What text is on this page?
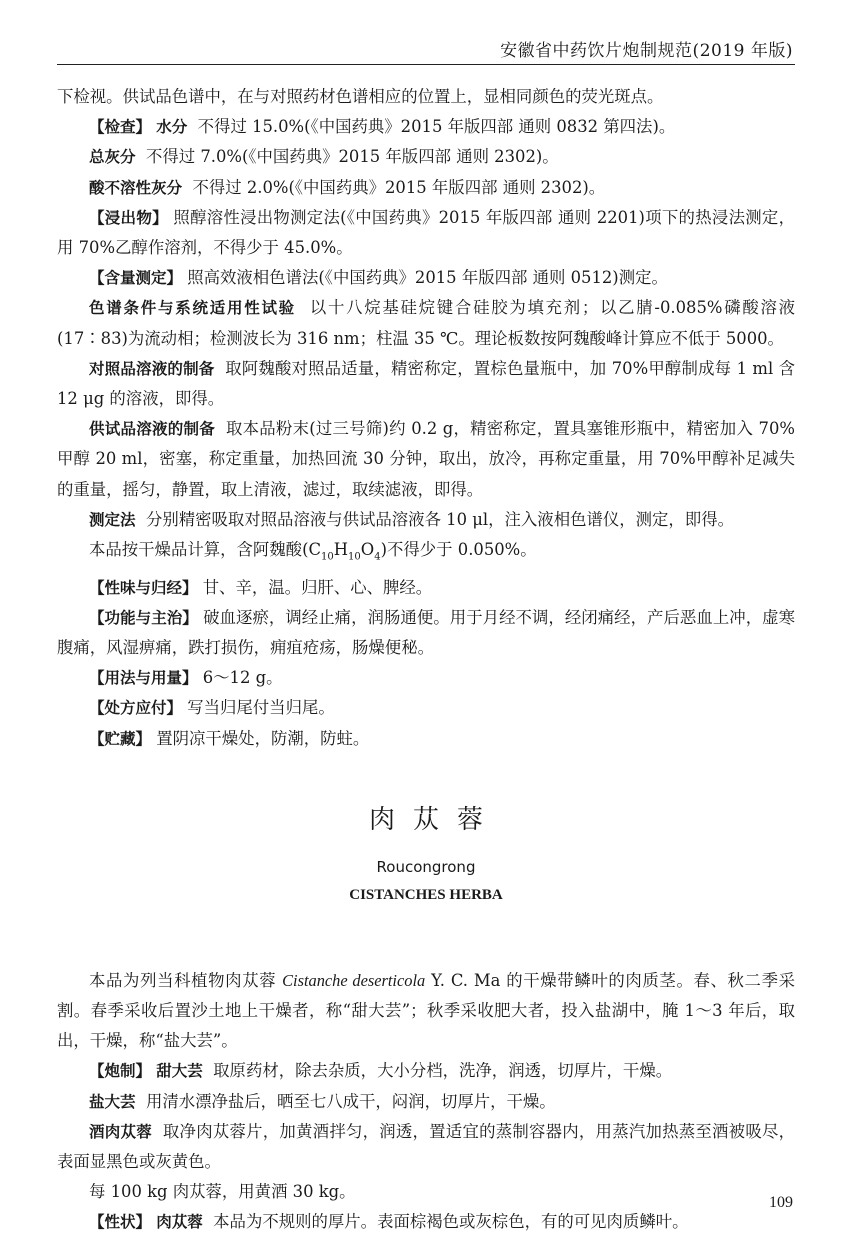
安徽省中药饮片炮制规范(2019 年版)

下检视。供试品色谱中，在与对照药材色谱相应的位置上，显相同颜色的荧光斑点。

【检查】 水分 不得过 15.0%(《中国药典》2015 年版四部 通则 0832 第四法)。

总灰分 不得过 7.0%(《中国药典》2015 年版四部 通则 2302)。

酸不溶性灰分 不得过 2.0%(《中国药典》2015 年版四部 通则 2302)。

【浸出物】 照醇溶性浸出物测定法(《中国药典》2015 年版四部 通则 2201)项下的热浸法测定，用 70%乙醇作溶剂，不得少于 45.0%。

【含量测定】 照高效液相色谱法(《中国药典》2015 年版四部 通则 0512)测定。

色谱条件与系统适用性试验 以十八烷基硅烷键合硅胶为填充剂；以乙腈-0.085%磷酸溶液(17∶83)为流动相；检测波长为 316 nm；柱温 35 ℃。理论板数按阿魏酸峰计算应不低于 5000。

对照品溶液的制备 取阿魏酸对照品适量，精密称定，置棕色量瓶中，加 70%甲醇制成每 1 ml 含 12 μg 的溶液，即得。

供试品溶液的制备 取本品粉末(过三号筛)约 0.2 g，精密称定，置具塞锥形瓶中，精密加入 70%甲醇 20 ml，密塞，称定重量，加热回流 30 分钟，取出，放冷，再称定重量，用 70%甲醇补足减失的重量，摇匀，静置，取上清液，滤过，取续滤液，即得。

测定法 分别精密吸取对照品溶液与供试品溶液各 10 μl，注入液相色谱仪，测定，即得。

本品按干燥品计算，含阿魏酸$(C_{10}H_{10}O_4)$不得少于 0.050%。

【性味与归经】 甘、辛，温。归肝、心、脾经。

【功能与主治】 破血逐瘀，调经止痛，润肠通便。用于月经不调，经闭痛经，产后恶血上冲，虚寒腹痛，风湿痹痛，跌打损伤，痈疽疮疡，肠燥便秘。

【用法与用量】 6～12 g。

【处方应付】 写当归尾付当归尾。

【贮藏】 置阴凉干燥处，防潮，防蛀。

肉苁蓉
Roucongrong
CISTANCHES HERBA

本品为列当科植物肉苁蓉 Cistanche deserticola Y. C. Ma 的干燥带鳞叶的肉质茎。春、秋二季采割。春季采收后置沙土地上干燥者，称“甜大芸”；秋季采收肥大者，投入盐湖中，腌 1～3 年后，取出，干燥，称“盐大芸”。

【炮制】 甜大芸 取原药材，除去杂质，大小分档，洗净，润透，切厚片，干燥。

盐大芸 用清水漂净盐后，晒至七八成干，闷润，切厚片，干燥。

酒肉苁蓉 取净肉苁蓉片，加黄酒拌匀，润透，置适宜的蒸制容器内，用蒸汽加热蒸至酒被吸尽，表面显黑色或灰黄色。

每 100 kg 肉苁蓉，用黄酒 30 kg。

【性状】 肉苁蓉 本品为不规则的厚片。表面棕褐色或灰棕色，有的可见肉质鳞叶。

109
